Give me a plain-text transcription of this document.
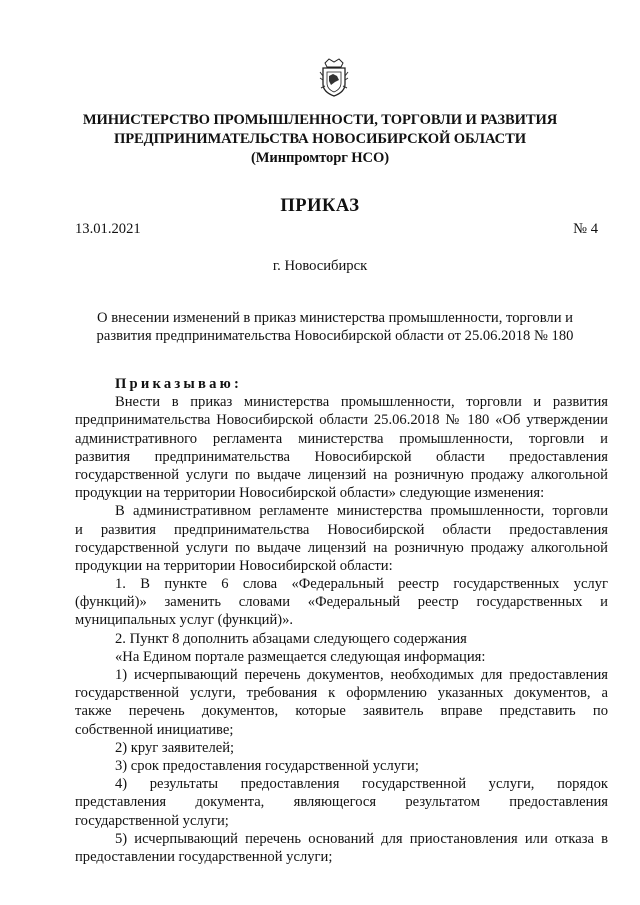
МИНИСТЕРСТВО ПРОМЫШЛЕННОСТИ, ТОРГОВЛИ И РАЗВИТИЯ
ПРЕДПРИНИМАТЕЛЬСТВА НОВОСИБИРСКОЙ ОБЛАСТИ
(Минпромторг НСО)
ПРИКАЗ
13.01.2021	№ 4
г. Новосибирск
О внесении изменений в приказ министерства промышленности, торговли и
развития предпринимательства Новосибирской области от 25.06.2018 № 180
Приказываю:
Внести в приказ министерства промышленности, торговли и развития
предпринимательства Новосибирской области 25.06.2018 № 180 «Об утверждении
административного регламента министерства промышленности, торговли и
развития предпринимательства Новосибирской области предоставления
государственной услуги по выдаче лицензий на розничную продажу алкогольной
продукции на территории Новосибирской области» следующие изменения:
В административном регламенте министерства промышленности, торговли
и развития предпринимательства Новосибирской области предоставления
государственной услуги по выдаче лицензий на розничную продажу алкогольной
продукции на территории Новосибирской области:
1. В пункте 6 слова «Федеральный реестр государственных услуг
(функций)» заменить словами «Федеральный реестр государственных и
муниципальных услуг (функций)».
2. Пункт 8 дополнить абзацами следующего содержания
«На Едином портале размещается следующая информация:
1) исчерпывающий перечень документов, необходимых для предоставления
государственной услуги, требования к оформлению указанных документов, а
также перечень документов, которые заявитель вправе представить по
собственной инициативе;
2) круг заявителей;
3) срок предоставления государственной услуги;
4) результаты предоставления государственной услуги, порядок
представления документа, являющегося результатом предоставления
государственной услуги;
5) исчерпывающий перечень оснований для приостановления или отказа в
предоставлении государственной услуги;
